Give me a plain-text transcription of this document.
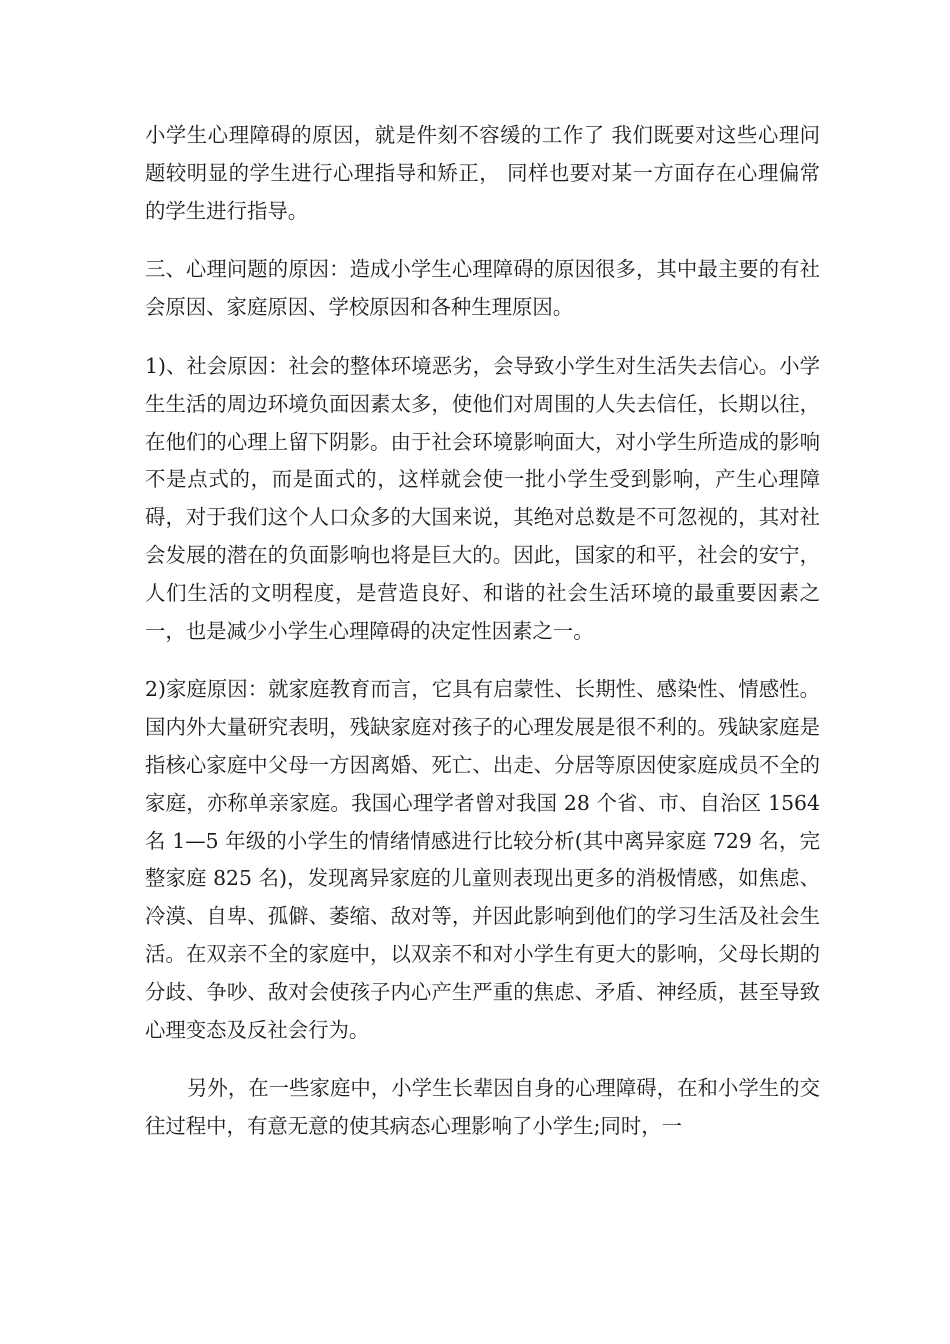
小学生心理障碍的原因，就是件刻不容缓的工作了 我们既要对这些心理问题较明显的学生进行心理指导和矫正， 同样也要对某一方面存在心理偏常的学生进行指导。

三、心理问题的原因：造成小学生心理障碍的原因很多，其中最主要的有社会原因、家庭原因、学校原因和各种生理原因。

1)、社会原因：社会的整体环境恶劣，会导致小学生对生活失去信心。小学生生活的周边环境负面因素太多，使他们对周围的人失去信任，长期以往，在他们的心理上留下阴影。由于社会环境影响面大，对小学生所造成的影响不是点式的，而是面式的，这样就会使一批小学生受到影响，产生心理障碍，对于我们这个人口众多的大国来说，其绝对总数是不可忽视的，其对社会发展的潜在的负面影响也将是巨大的。因此，国家的和平，社会的安宁，人们生活的文明程度，是营造良好、和谐的社会生活环境的最重要因素之一，也是减少小学生心理障碍的决定性因素之一。

2)家庭原因：就家庭教育而言，它具有启蒙性、长期性、感染性、情感性。国内外大量研究表明，残缺家庭对孩子的心理发展是很不利的。残缺家庭是指核心家庭中父母一方因离婚、死亡、出走、分居等原因使家庭成员不全的家庭，亦称单亲家庭。我国心理学者曾对我国 28 个省、市、自治区 1564 名 1—5 年级的小学生的情绪情感进行比较分析(其中离异家庭 729 名，完整家庭 825 名)，发现离异家庭的儿童则表现出更多的消极情感，如焦虑、冷漠、自卑、孤僻、萎缩、敌对等，并因此影响到他们的学习生活及社会生活。在双亲不全的家庭中，以双亲不和对小学生有更大的影响，父母长期的分歧、争吵、敌对会使孩子内心产生严重的焦虑、矛盾、神经质，甚至导致心理变态及反社会行为。

另外，在一些家庭中，小学生长辈因自身的心理障碍，在和小学生的交往过程中，有意无意的使其病态心理影响了小学生;同时，一
